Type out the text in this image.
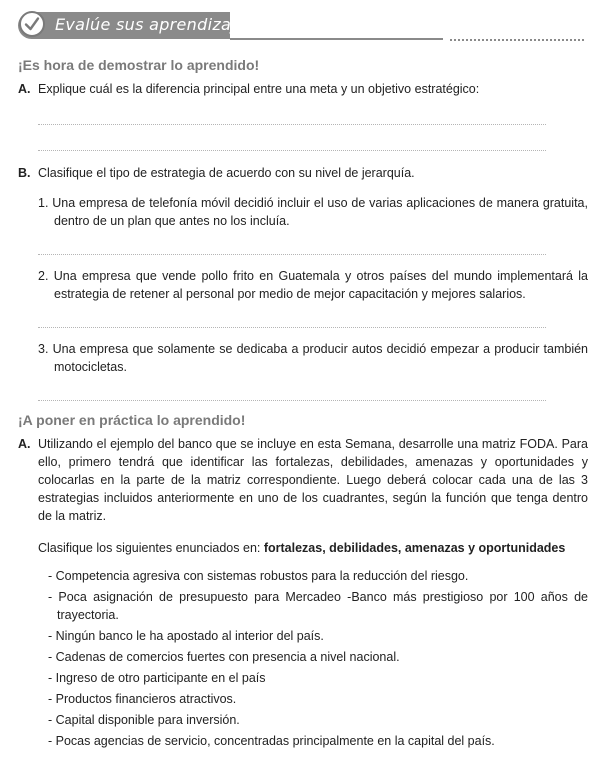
Evalúe sus aprendizajes
¡Es hora de demostrar lo aprendido!
A. Explique cuál es la diferencia principal entre una meta y un objetivo estratégico:
B. Clasifique el tipo de estrategia de acuerdo con su nivel de jerarquía.
1. Una empresa de telefonía móvil decidió incluir el uso de varias aplicaciones de manera gratuita, dentro de un plan que antes no los incluía.
2. Una empresa que vende pollo frito en Guatemala y otros países del mundo implementará la estrategia de retener al personal por medio de mejor capacitación y mejores salarios.
3. Una empresa que solamente se dedicaba a producir autos decidió empezar a producir también motocicletas.
¡A poner en práctica lo aprendido!
A. Utilizando el ejemplo del banco que se incluye en esta Semana, desarrolle una matriz FODA. Para ello, primero tendrá que identificar las fortalezas, debilidades, amenazas y oportunidades y colocarlas en la parte de la matriz correspondiente. Luego deberá colocar cada una de las 3 estrategias incluidos anteriormente en uno de los cuadrantes, según la función que tenga dentro de la matriz.
Clasifique los siguientes enunciados en: fortalezas, debilidades, amenazas y oportunidades
- Competencia agresiva con sistemas robustos para la reducción del riesgo.
- Poca asignación de presupuesto para Mercadeo -Banco más prestigioso por 100 años de trayectoria.
- Ningún banco le ha apostado al interior del país.
- Cadenas de comercios fuertes con presencia a nivel nacional.
- Ingreso de otro participante en el país
- Productos financieros atractivos.
- Capital disponible para inversión.
- Pocas agencias de servicio, concentradas principalmente en la capital del país.
